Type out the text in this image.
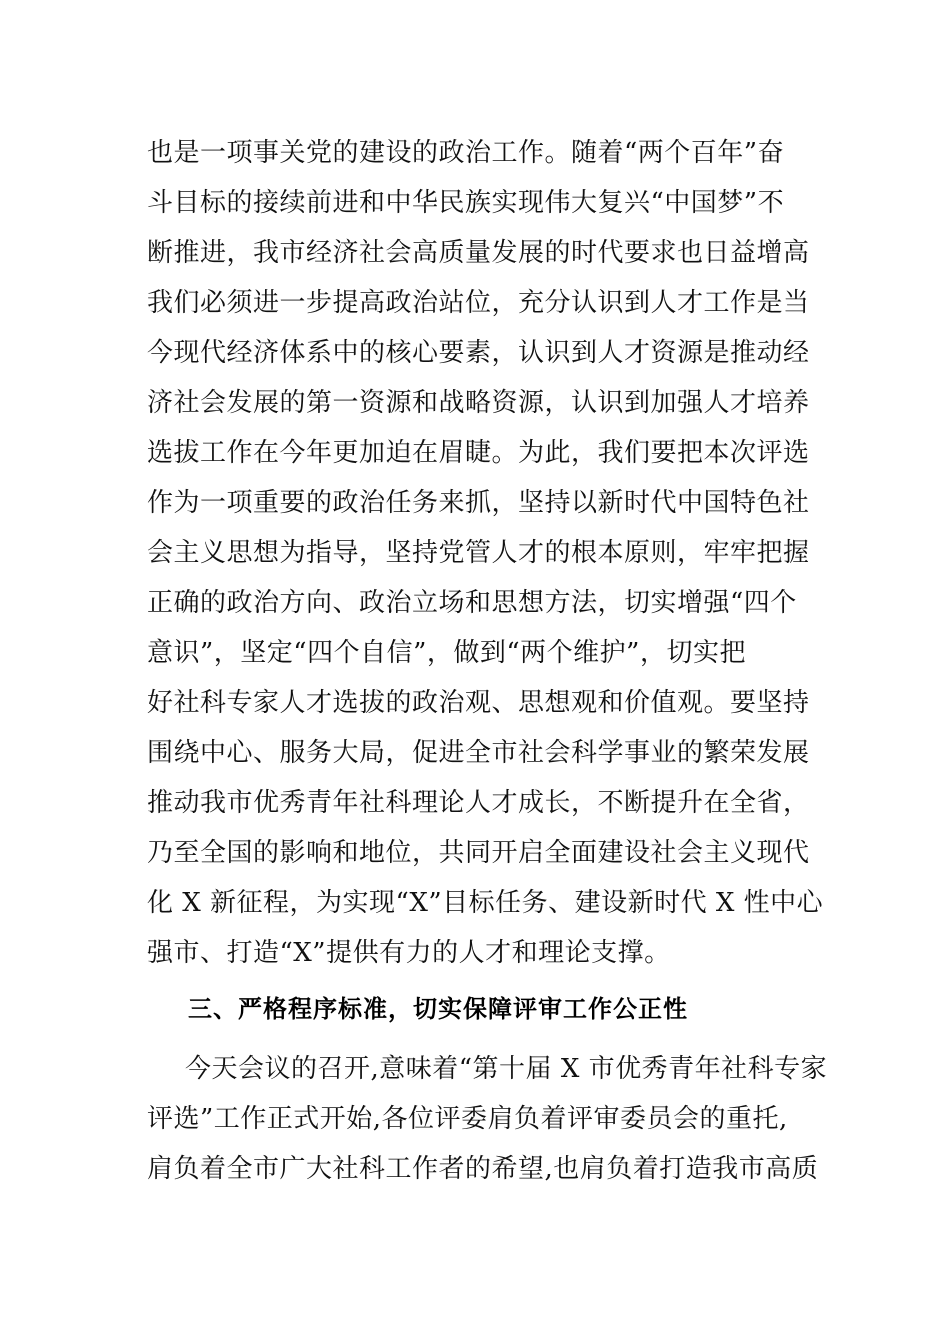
也是一项事关党的建设的政治工作。随着“两个百年”奋
斗目标的接续前进和中华民族实现伟大复兴“中国梦”不
断推进，我市经济社会高质量发展的时代要求也日益增高
我们必须进一步提高政治站位，充分认识到人才工作是当
今现代经济体系中的核心要素，认识到人才资源是推动经
济社会发展的第一资源和战略资源，认识到加强人才培养
选拔工作在今年更加迫在眉睫。为此，我们要把本次评选
作为一项重要的政治任务来抓，坚持以新时代中国特色社
会主义思想为指导，坚持党管人才的根本原则，牢牢把握
正确的政治方向、政治立场和思想方法，切实增强“四个
意识”，坚定“四个自信”，做到“两个维护”，切实把
好社科专家人才选拔的政治观、思想观和价值观。要坚持
围绕中心、服务大局，促进全市社会科学事业的繁荣发展
推动我市优秀青年社科理论人才成长，不断提升在全省，
乃至全国的影响和地位，共同开启全面建设社会主义现代
化 X 新征程，为实现“X”目标任务、建设新时代 X 性中心
强市、打造“X”提供有力的人才和理论支撑。
三、严格程序标准，切实保障评审工作公正性
今天会议的召开,意味着“第十届 X 市优秀青年社科专家
评选”工作正式开始,各位评委肩负着评审委员会的重托,
肩负着全市广大社科工作者的希望,也肩负着打造我市高质
